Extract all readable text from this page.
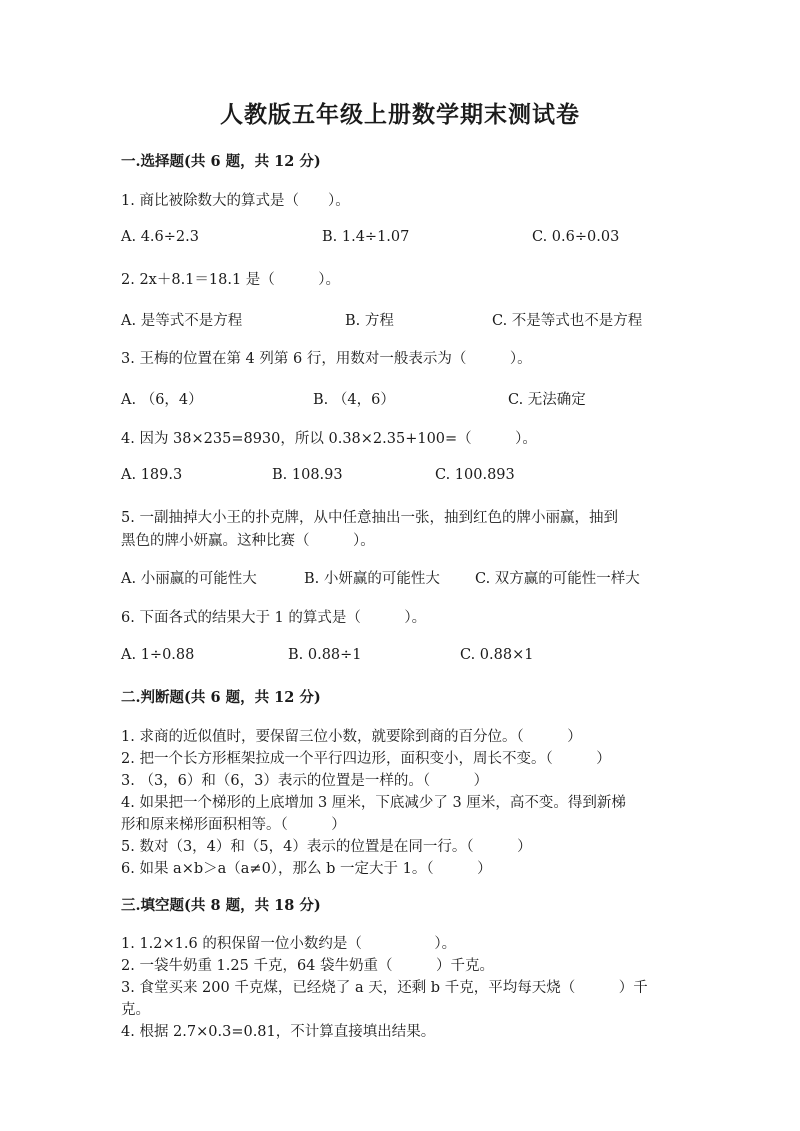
人教版五年级上册数学期末测试卷
一.选择题(共 6 题，共 12 分)
1. 商比被除数大的算式是（　　）。
A. 4.6÷2.3	B. 1.4÷1.07	C. 0.6÷0.03
2. 2x＋8.1＝18.1 是（　　　）。
A. 是等式不是方程	B. 方程	C. 不是等式也不是方程
3. 王梅的位置在第 4 列第 6 行，用数对一般表示为（　　　）。
A. （6，4）	B. （4，6）	C. 无法确定
4. 因为 38×235=8930，所以 0.38×2.35+100=（　　　）。
A. 189.3	B. 108.93	C. 100.893
5. 一副抽掉大小王的扑克牌，从中任意抽出一张，抽到红色的牌小丽赢，抽到
黑色的牌小妍赢。这种比赛（　　　）。
A. 小丽赢的可能性大	B. 小妍赢的可能性大 C. 双方赢的可能性一样大
6. 下面各式的结果大于 1 的算式是（　　　）。
A. 1÷0.88	B. 0.88÷1	C. 0.88×1
二.判断题(共 6 题，共 12 分)
1. 求商的近似值时，要保留三位小数，就要除到商的百分位。（　　　）
2. 把一个长方形框架拉成一个平行四边形，面积变小，周长不变。（　　　）
3. （3，6）和（6，3）表示的位置是一样的。（　　　）
4. 如果把一个梯形的上底增加 3 厘米，下底减少了 3 厘米，高不变。得到新梯
形和原来梯形面积相等。（　　　）
5. 数对（3，4）和（5，4）表示的位置是在同一行。（　　　）
6. 如果 a×b＞a（a≠0），那么 b 一定大于 1。（　　　）
三.填空题(共 8 题，共 18 分)
1. 1.2×1.6 的积保留一位小数约是（　　　　　）。
2. 一袋牛奶重 1.25 千克，64 袋牛奶重（　　　）千克。
3. 食堂买来 200 千克煤，已经烧了 a 天，还剩 b 千克，平均每天烧（　　　）千
克。
4. 根据 2.7×0.3=0.81，不计算直接填出结果。
